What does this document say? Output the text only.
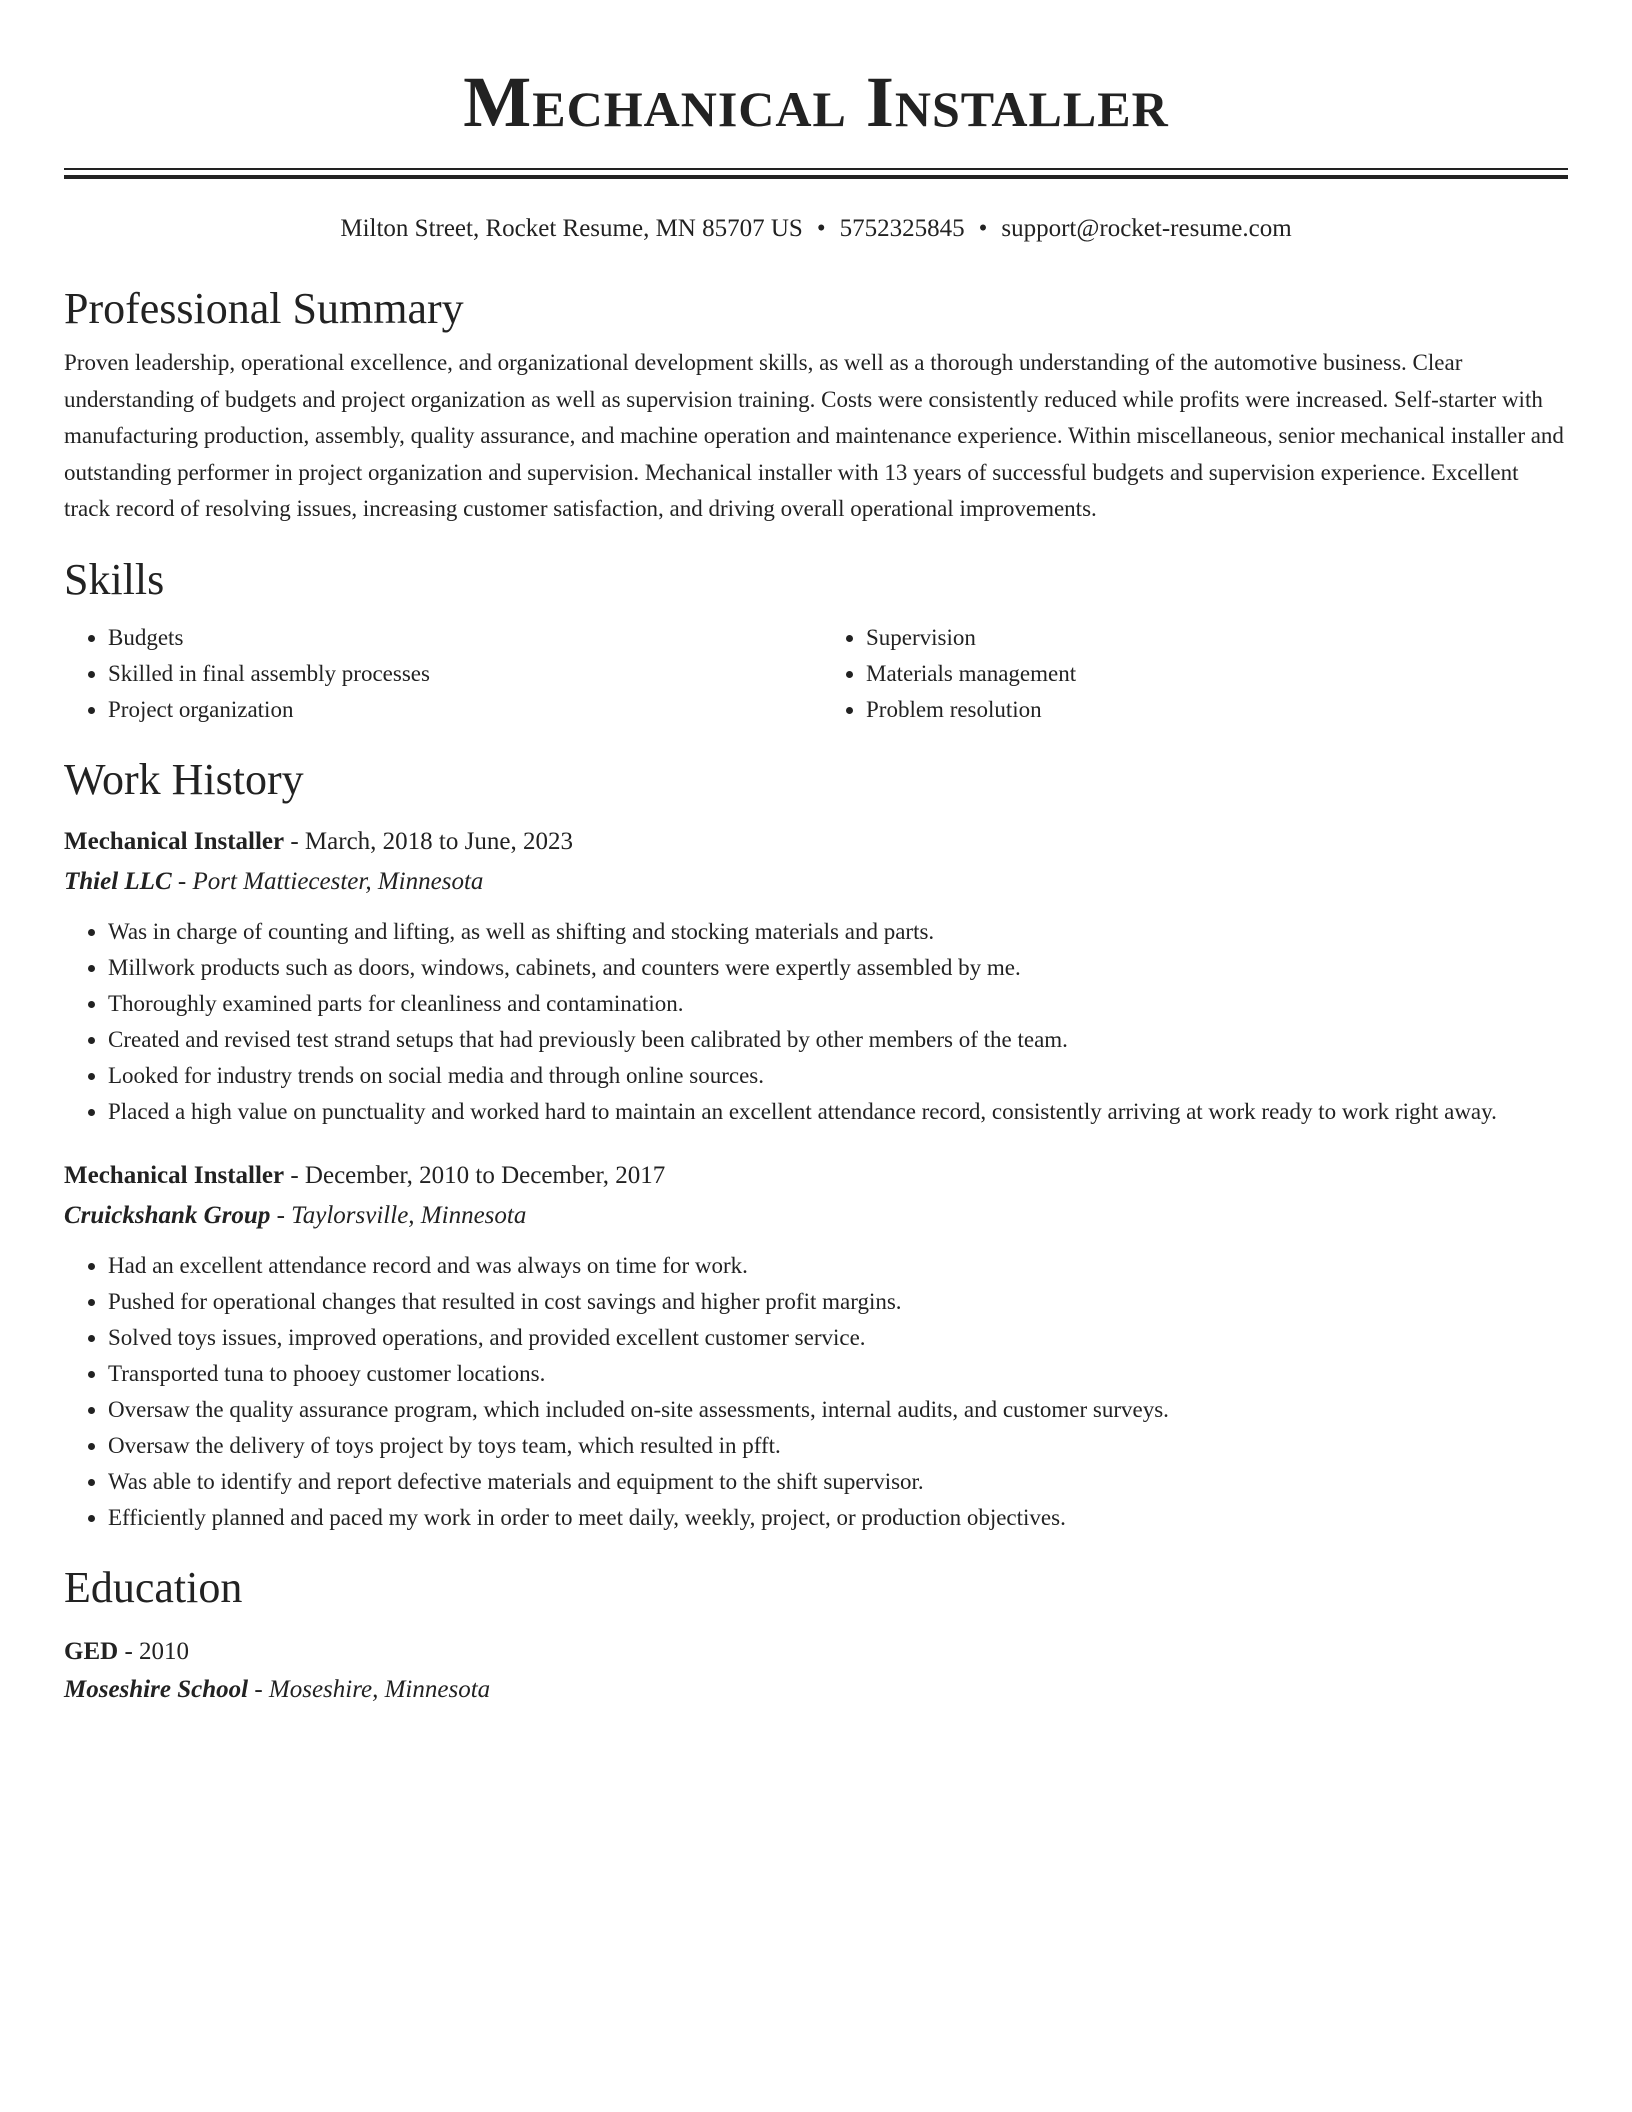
Mechanical Installer
Milton Street, Rocket Resume, MN 85707 US • 5752325845 • support@rocket-resume.com
Professional Summary

Proven leadership, operational excellence, and organizational development skills, as well as a thorough understanding of the automotive business. Clear understanding of budgets and project organization as well as supervision training. Costs were consistently reduced while profits were increased. Self-starter with manufacturing production, assembly, quality assurance, and machine operation and maintenance experience. Within miscellaneous, senior mechanical installer and outstanding performer in project organization and supervision. Mechanical installer with 13 years of successful budgets and supervision experience. Excellent track record of resolving issues, increasing customer satisfaction, and driving overall operational improvements.

Skills
• Budgets
• Skilled in final assembly processes
• Project organization
• Supervision
• Materials management
• Problem resolution
Work History
Mechanical Installer - March, 2018 to June, 2023
Thiel LLC - Port Mattiecester, Minnesota
• Was in charge of counting and lifting, as well as shifting and stocking materials and parts.
• Millwork products such as doors, windows, cabinets, and counters were expertly assembled by me.
• Thoroughly examined parts for cleanliness and contamination.
• Created and revised test strand setups that had previously been calibrated by other members of the team.
• Looked for industry trends on social media and through online sources.
• Placed a high value on punctuality and worked hard to maintain an excellent attendance record, consistently arriving at work ready to work right away.
Mechanical Installer - December, 2010 to December, 2017
Cruickshank Group - Taylorsville, Minnesota
• Had an excellent attendance record and was always on time for work.
• Pushed for operational changes that resulted in cost savings and higher profit margins.
• Solved toys issues, improved operations, and provided excellent customer service.
• Transported tuna to phooey customer locations.
• Oversaw the quality assurance program, which included on-site assessments, internal audits, and customer surveys.
• Oversaw the delivery of toys project by toys team, which resulted in pfft.
• Was able to identify and report defective materials and equipment to the shift supervisor.
• Efficiently planned and paced my work in order to meet daily, weekly, project, or production objectives.
Education
GED - 2010
Moseshire School - Moseshire, Minnesota
